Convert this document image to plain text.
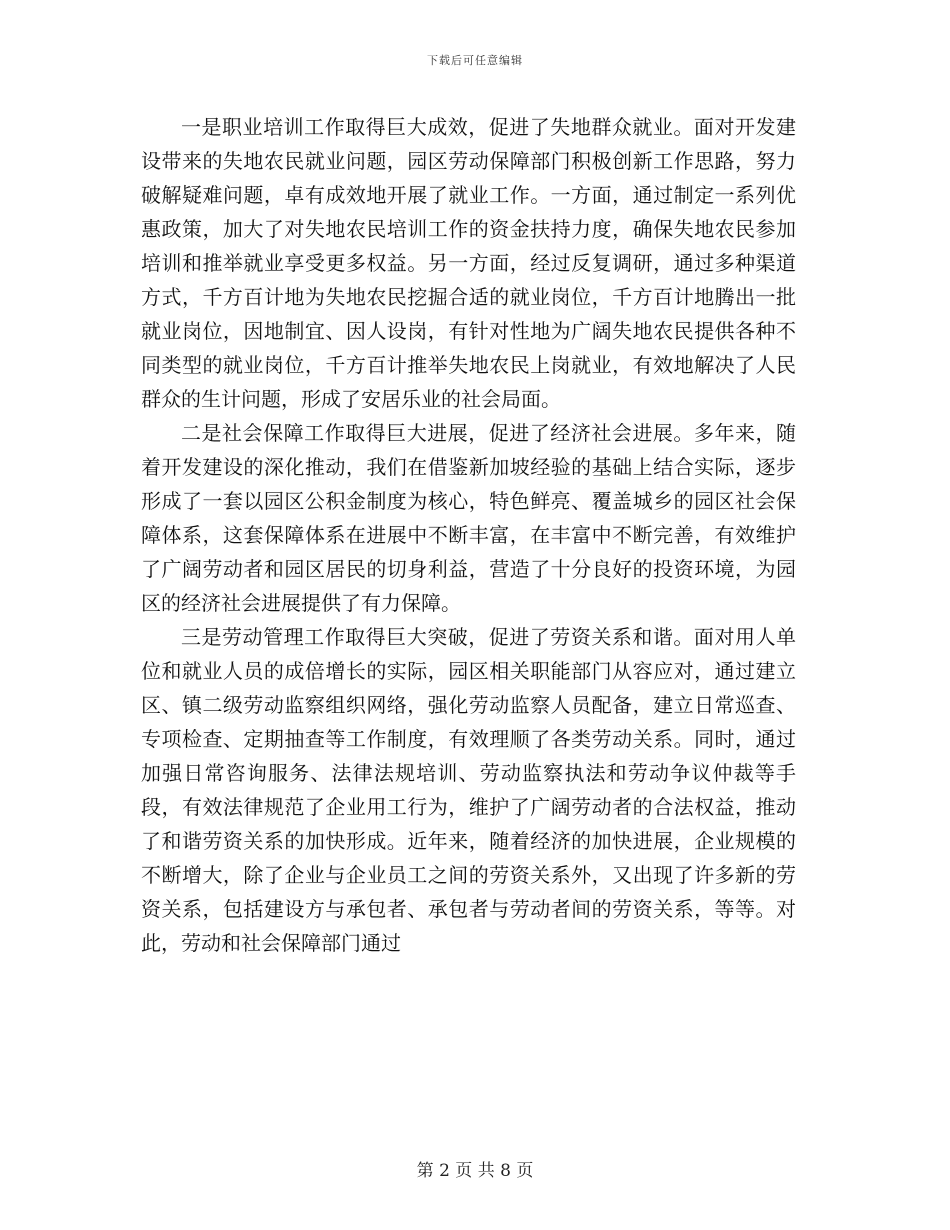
下载后可任意编辑

一是职业培训工作取得巨大成效，促进了失地群众就业。面对开发建设带来的失地农民就业问题，园区劳动保障部门积极创新工作思路，努力破解疑难问题，卓有成效地开展了就业工作。一方面，通过制定一系列优惠政策，加大了对失地农民培训工作的资金扶持力度，确保失地农民参加培训和推举就业享受更多权益。另一方面，经过反复调研，通过多种渠道方式，千方百计地为失地农民挖掘合适的就业岗位，千方百计地腾出一批就业岗位，因地制宜、因人设岗，有针对性地为广阔失地农民提供各种不同类型的就业岗位，千方百计推举失地农民上岗就业，有效地解决了人民群众的生计问题，形成了安居乐业的社会局面。

二是社会保障工作取得巨大进展，促进了经济社会进展。多年来，随着开发建设的深化推动，我们在借鉴新加坡经验的基础上结合实际，逐步形成了一套以园区公积金制度为核心，特色鲜亮、覆盖城乡的园区社会保障体系，这套保障体系在进展中不断丰富，在丰富中不断完善，有效维护了广阔劳动者和园区居民的切身利益，营造了十分良好的投资环境，为园区的经济社会进展提供了有力保障。

三是劳动管理工作取得巨大突破，促进了劳资关系和谐。面对用人单位和就业人员的成倍增长的实际，园区相关职能部门从容应对，通过建立区、镇二级劳动监察组织网络，强化劳动监察人员配备，建立日常巡查、专项检查、定期抽查等工作制度，有效理顺了各类劳动关系。同时，通过加强日常咨询服务、法律法规培训、劳动监察执法和劳动争议仲裁等手段，有效法律规范了企业用工行为，维护了广阔劳动者的合法权益，推动了和谐劳资关系的加快形成。近年来，随着经济的加快进展，企业规模的不断增大，除了企业与企业员工之间的劳资关系外，又出现了许多新的劳资关系，包括建设方与承包者、承包者与劳动者间的劳资关系，等等。对此，劳动和社会保障部门通过

第 2 页 共 8 页
